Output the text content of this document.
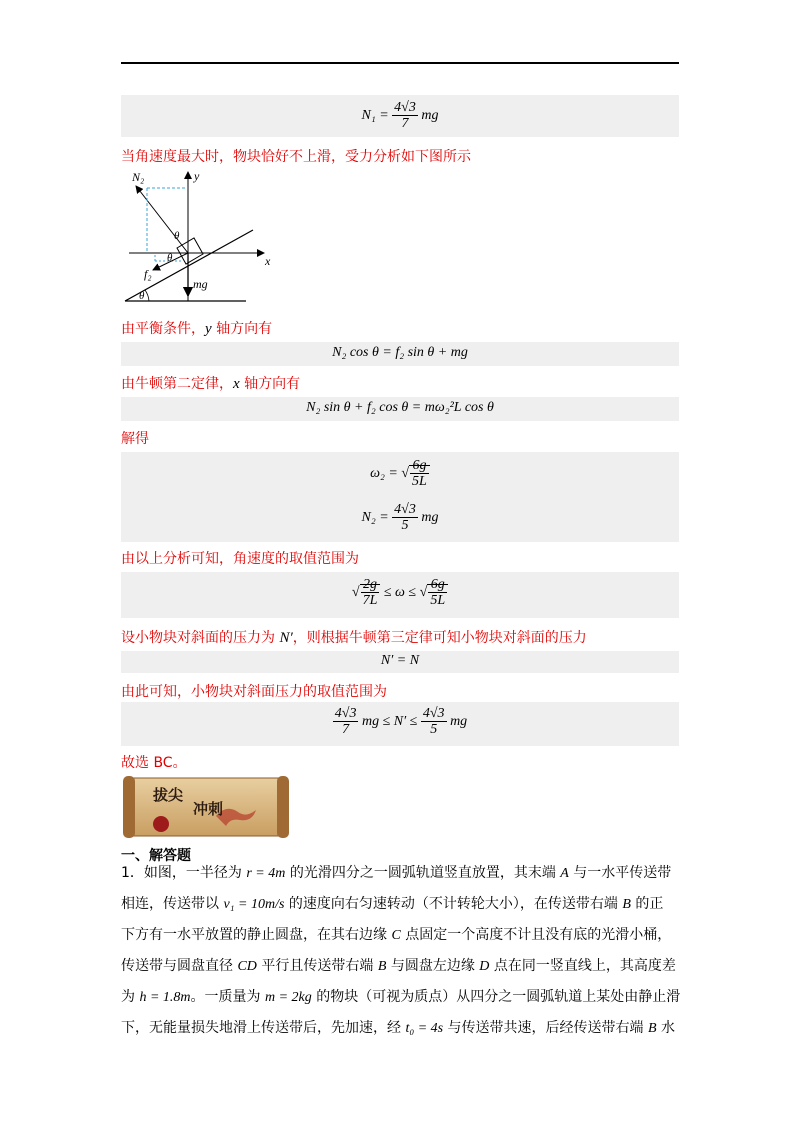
$N_1 = \frac{4√3}{7}$ mg
当角速度最大时，物块恰好不上滑，受力分析如下图所示
N₂	y
x
θ
θ
θ
f₂
mg
由平衡条件，y 轴方向有
N₂ cos θ = f₂ sin θ + mg
由牛顿第二定律，x 轴方向有
N₂ sin θ + f₂ cos θ = mω₂²L cos θ
解得
ω₂ = √ $\frac{6g}{5L}$
$N_2 = \frac{4√3}{5}$ mg
由以上分析可知，角速度的取值范围为
√ $\frac{2g}{7L} \le \omega$ ≤ √ $\frac{6g}{5L}$
设小物块对斜面的压力为 N′，则根据牛顿第三定律可知小物块对斜面的压力
N′ = N
由此可知，小物块对斜面压力的取值范围为
$\frac{4√3}{7}$ mg ≤ $N' \le \frac{4√3}{5}$ mg
故选 BC。
拔尖
冲刺
一、解答题
1．如图，一半径为 r = 4m 的光滑四分之一圆弧轨道竖直放置，其末端 A 与一水平传送带
相连，传送带以 v₁ = 10m/s 的速度向右匀速转动（不计转轮大小），在传送带右端 B 的正
下方有一水平放置的静止圆盘，在其右边缘 C 点固定一个高度不计且没有底的光滑小桶，
传送带与圆盘直径 CD 平行且传送带右端 B 与圆盘左边缘 D 点在同一竖直线上，其高度差
为 h = 1.8m。一质量为 m = 2kg 的物块（可视为质点）从四分之一圆弧轨道上某处由静止滑
下，无能量损失地滑上传送带后，先加速，经 t₀ = 4s 与传送带共速，后经传送带右端 B 水
